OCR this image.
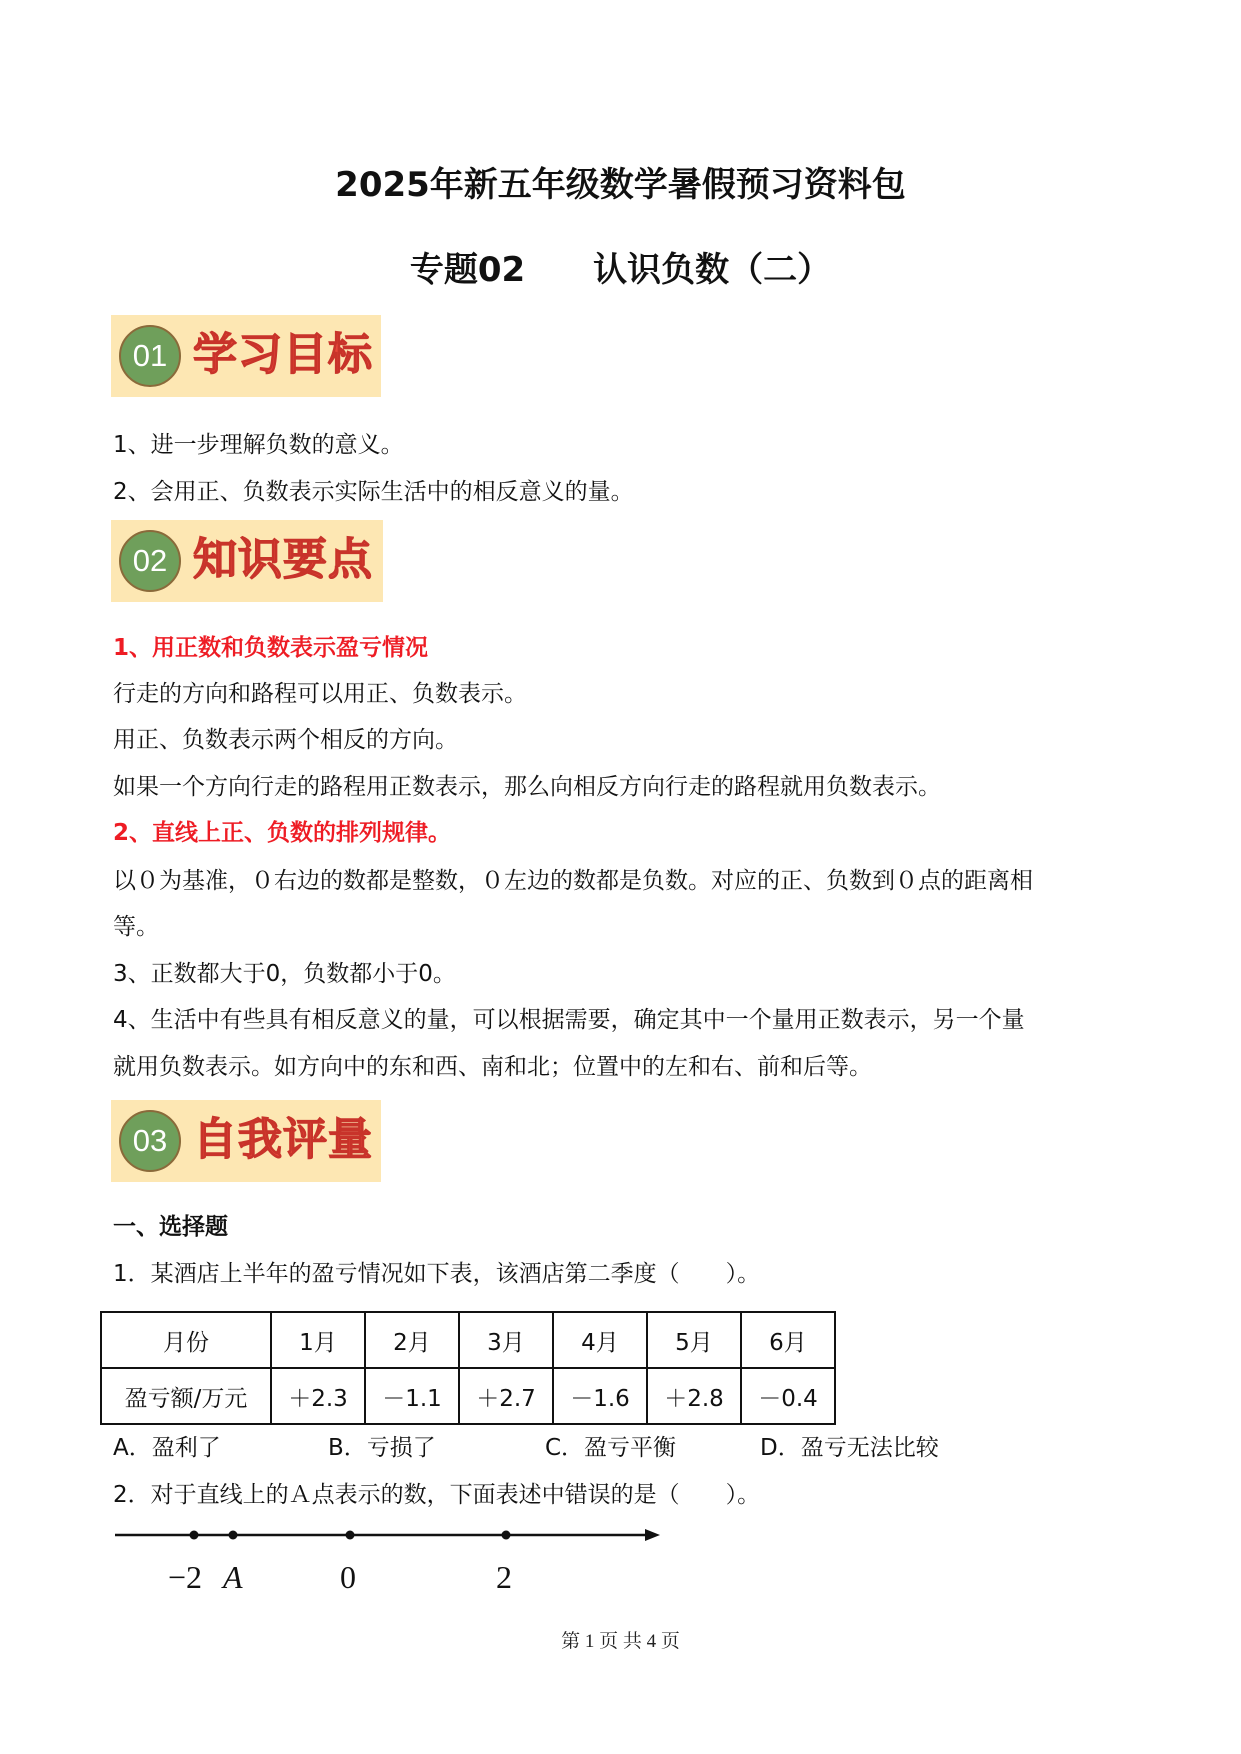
2025年新五年级数学暑假预习资料包
专题02　　认识负数（二）
01 学习目标
1、进一步理解负数的意义。
2、会用正、负数表示实际生活中的相反意义的量。
02 知识要点
1、用正数和负数表示盈亏情况
行走的方向和路程可以用正、负数表示。
用正、负数表示两个相反的方向。
如果一个方向行走的路程用正数表示，那么向相反方向行走的路程就用负数表示。
2、直线上正、负数的排列规律。
以０为基准，０右边的数都是整数，０左边的数都是负数。对应的正、负数到０点的距离相
等。
3、正数都大于0，负数都小于0。
4、生活中有些具有相反意义的量，可以根据需要，确定其中一个量用正数表示，另一个量
就用负数表示。如方向中的东和西、南和北；位置中的左和右、前和后等。
03 自我评量
一、选择题
1．某酒店上半年的盈亏情况如下表，该酒店第二季度（　　）。
月份	1月	2月	3月	4月	5月	6月
盈亏额/万元	＋2.3	－1.1	＋2.7	－1.6	＋2.8	－0.4
A．盈利了	B．亏损了	C．盈亏平衡	D．盈亏无法比较
2．对于直线上的Ａ点表示的数，下面表述中错误的是（　　）。
第 1 页 共 4 页
−2 A	0	2
